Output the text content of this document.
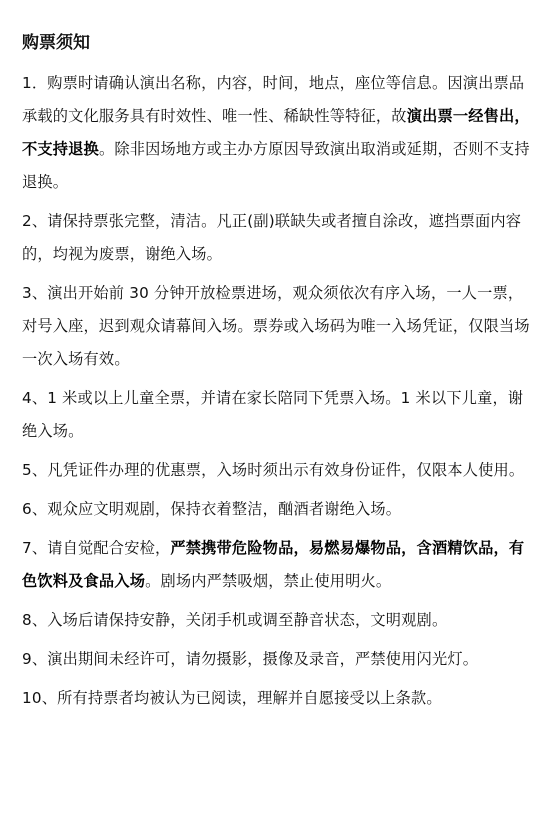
购票须知
1．购票时请确认演出名称，内容，时间，地点，座位等信息。因演出票品承载的文化服务具有时效性、唯一性、稀缺性等特征，故演出票一经售出，不支持退换。除非因场地方或主办方原因导致演出取消或延期，否则不支持退换。
2、请保持票张完整，清洁。凡正(副)联缺失或者擅自涂改，遮挡票面内容的，均视为废票，谢绝入场。
3、演出开始前 30 分钟开放检票进场，观众须依次有序入场，一人一票，对号入座，迟到观众请幕间入场。票券或入场码为唯一入场凭证，仅限当场一次入场有效。
4、1 米或以上儿童全票，并请在家长陪同下凭票入场。1 米以下儿童，谢绝入场。
5、凡凭证件办理的优惠票，入场时须出示有效身份证件，仅限本人使用。
6、观众应文明观剧，保持衣着整洁，酗酒者谢绝入场。
7、请自觉配合安检，严禁携带危险物品，易燃易爆物品，含酒精饮品，有色饮料及食品入场。剧场内严禁吸烟，禁止使用明火。
8、入场后请保持安静，关闭手机或调至静音状态，文明观剧。
9、演出期间未经许可，请勿摄影，摄像及录音，严禁使用闪光灯。
10、所有持票者均被认为已阅读，理解并自愿接受以上条款。
